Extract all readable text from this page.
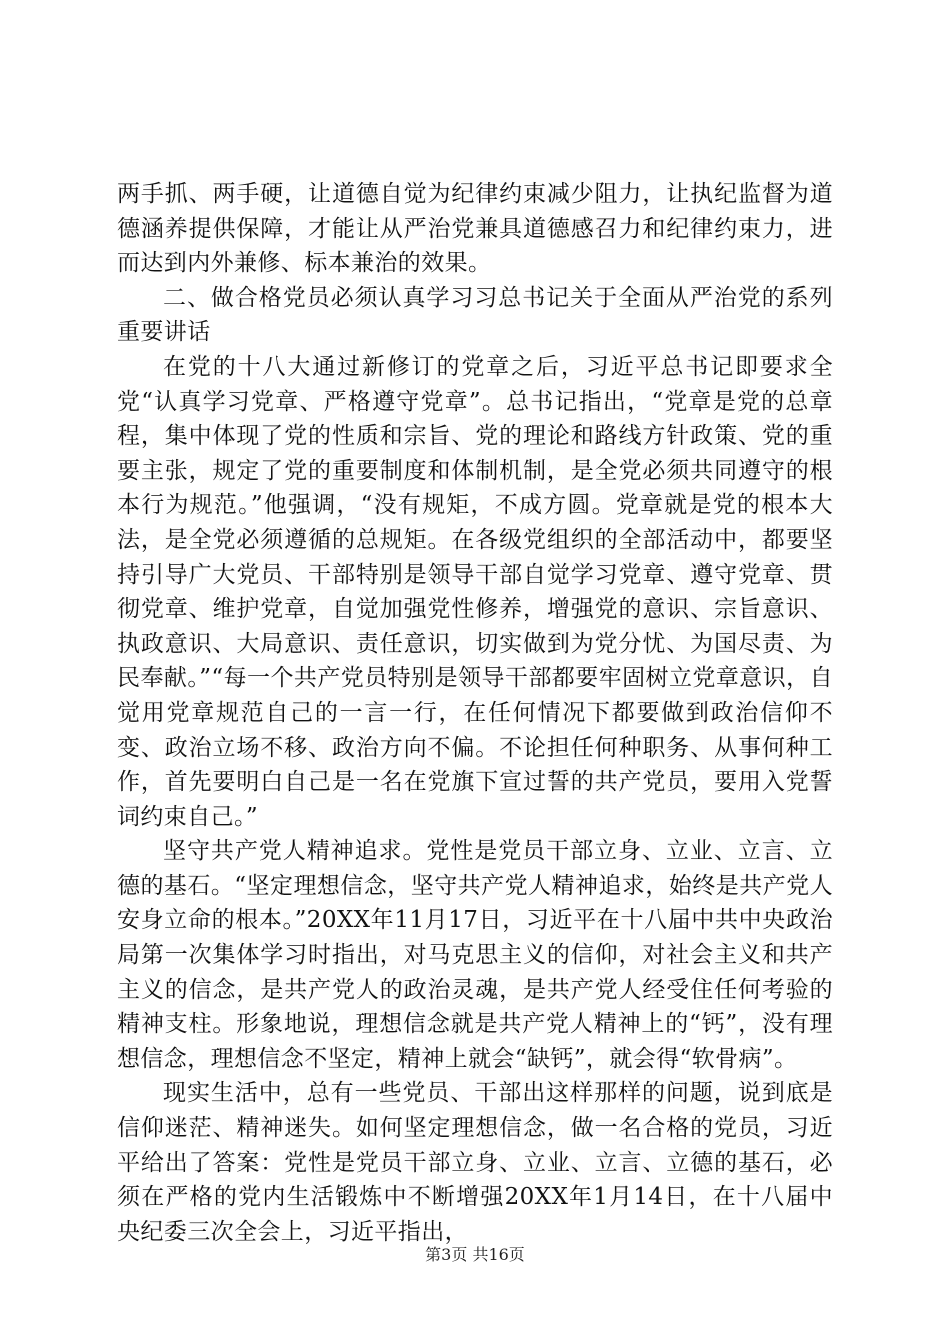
两手抓、两手硬，让道德自觉为纪律约束减少阻力，让执纪监督为道德涵养提供保障，才能让从严治党兼具道德感召力和纪律约束力，进而达到内外兼修、标本兼治的效果。

二、做合格党员必须认真学习习总书记关于全面从严治党的系列重要讲话

在党的十八大通过新修订的党章之后，习近平总书记即要求全党“认真学习党章、严格遵守党章”。总书记指出，“党章是党的总章程，集中体现了党的性质和宗旨、党的理论和路线方针政策、党的重要主张，规定了党的重要制度和体制机制，是全党必须共同遵守的根本行为规范。”他强调，“没有规矩，不成方圆。党章就是党的根本大法，是全党必须遵循的总规矩。在各级党组织的全部活动中，都要坚持引导广大党员、干部特别是领导干部自觉学习党章、遵守党章、贯彻党章、维护党章，自觉加强党性修养，增强党的意识、宗旨意识、执政意识、大局意识、责任意识，切实做到为党分忧、为国尽责、为民奉献。”“每一个共产党员特别是领导干部都要牢固树立党章意识，自觉用党章规范自己的一言一行，在任何情况下都要做到政治信仰不变、政治立场不移、政治方向不偏。不论担任何种职务、从事何种工作，首先要明白自己是一名在党旗下宣过誓的共产党员，要用入党誓词约束自己。”

坚守共产党人精神追求。党性是党员干部立身、立业、立言、立德的基石。“坚定理想信念，坚守共产党人精神追求，始终是共产党人安身立命的根本。”20XX年11月17日，习近平在十八届中共中央政治局第一次集体学习时指出，对马克思主义的信仰，对社会主义和共产主义的信念，是共产党人的政治灵魂，是共产党人经受住任何考验的精神支柱。形象地说，理想信念就是共产党人精神上的“钙”，没有理想信念，理想信念不坚定，精神上就会“缺钙”，就会得“软骨病”。

现实生活中，总有一些党员、干部出这样那样的问题，说到底是信仰迷茫、精神迷失。如何坚定理想信念，做一名合格的党员，习近平给出了答案：党性是党员干部立身、立业、立言、立德的基石，必须在严格的党内生活锻炼中不断增强20XX年1月14日，在十八届中央纪委三次全会上，习近平指出，

第3页 共16页
